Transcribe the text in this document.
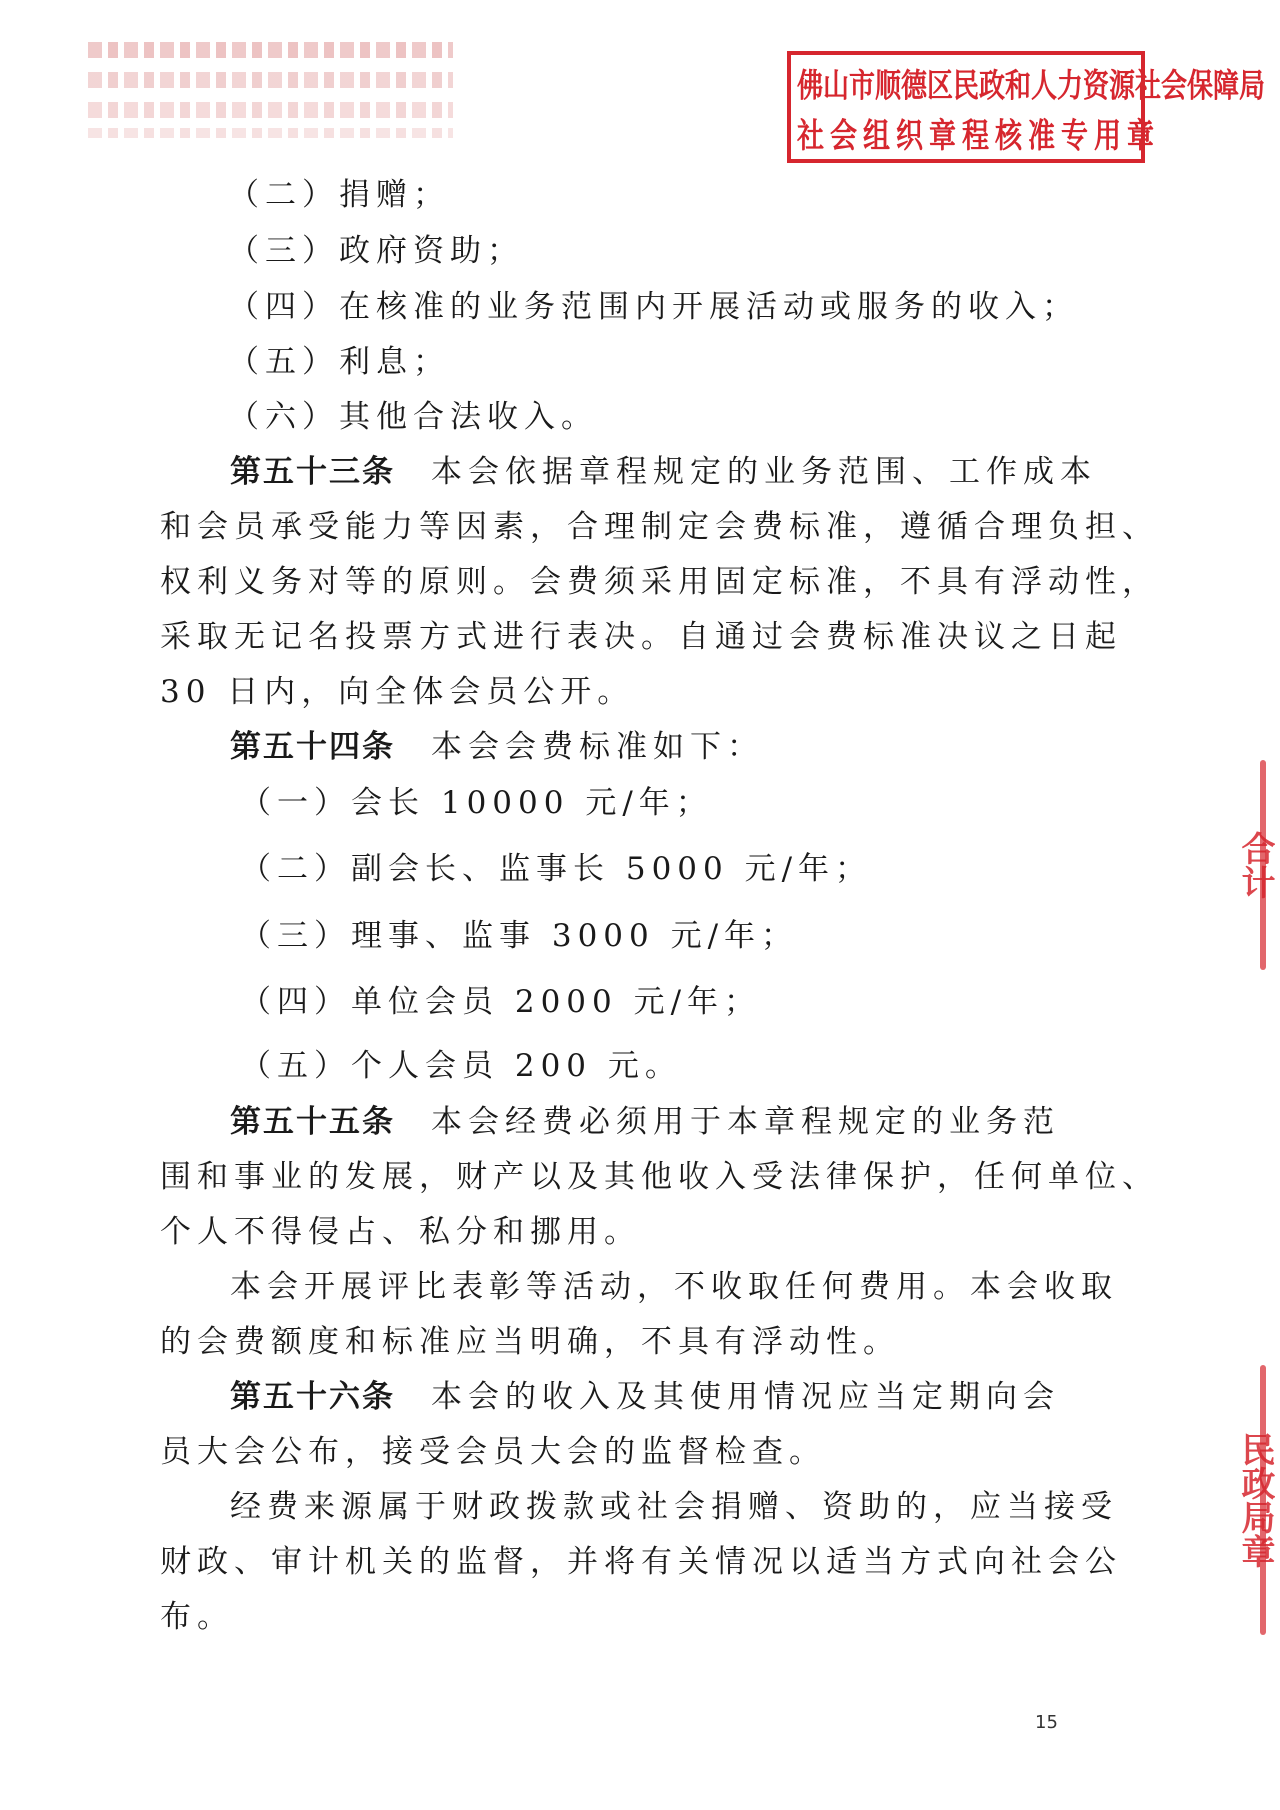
佛山市顺德区民政和人力资源社会保障局
社会组织章程核准专用章
合计
民政局章
（二）捐赠；
（三）政府资助；
（四）在核准的业务范围内开展活动或服务的收入；
（五）利息；
（六）其他合法收入。
第五十三条 本会依据章程规定的业务范围、工作成本
和会员承受能力等因素，合理制定会费标准，遵循合理负担、
权利义务对等的原则。会费须采用固定标准，不具有浮动性，
采取无记名投票方式进行表决。自通过会费标准决议之日起
30 日内，向全体会员公开。
第五十四条 本会会费标准如下：
（一）会长 10000 元/年；
（二）副会长、监事长 5000 元/年；
（三）理事、监事 3000 元/年；
（四）单位会员 2000 元/年；
（五）个人会员 200 元。
第五十五条 本会经费必须用于本章程规定的业务范
围和事业的发展，财产以及其他收入受法律保护，任何单位、
个人不得侵占、私分和挪用。
本会开展评比表彰等活动，不收取任何费用。本会收取
的会费额度和标准应当明确，不具有浮动性。
第五十六条 本会的收入及其使用情况应当定期向会
员大会公布，接受会员大会的监督检查。
经费来源属于财政拨款或社会捐赠、资助的，应当接受
财政、审计机关的监督，并将有关情况以适当方式向社会公
布。
15
